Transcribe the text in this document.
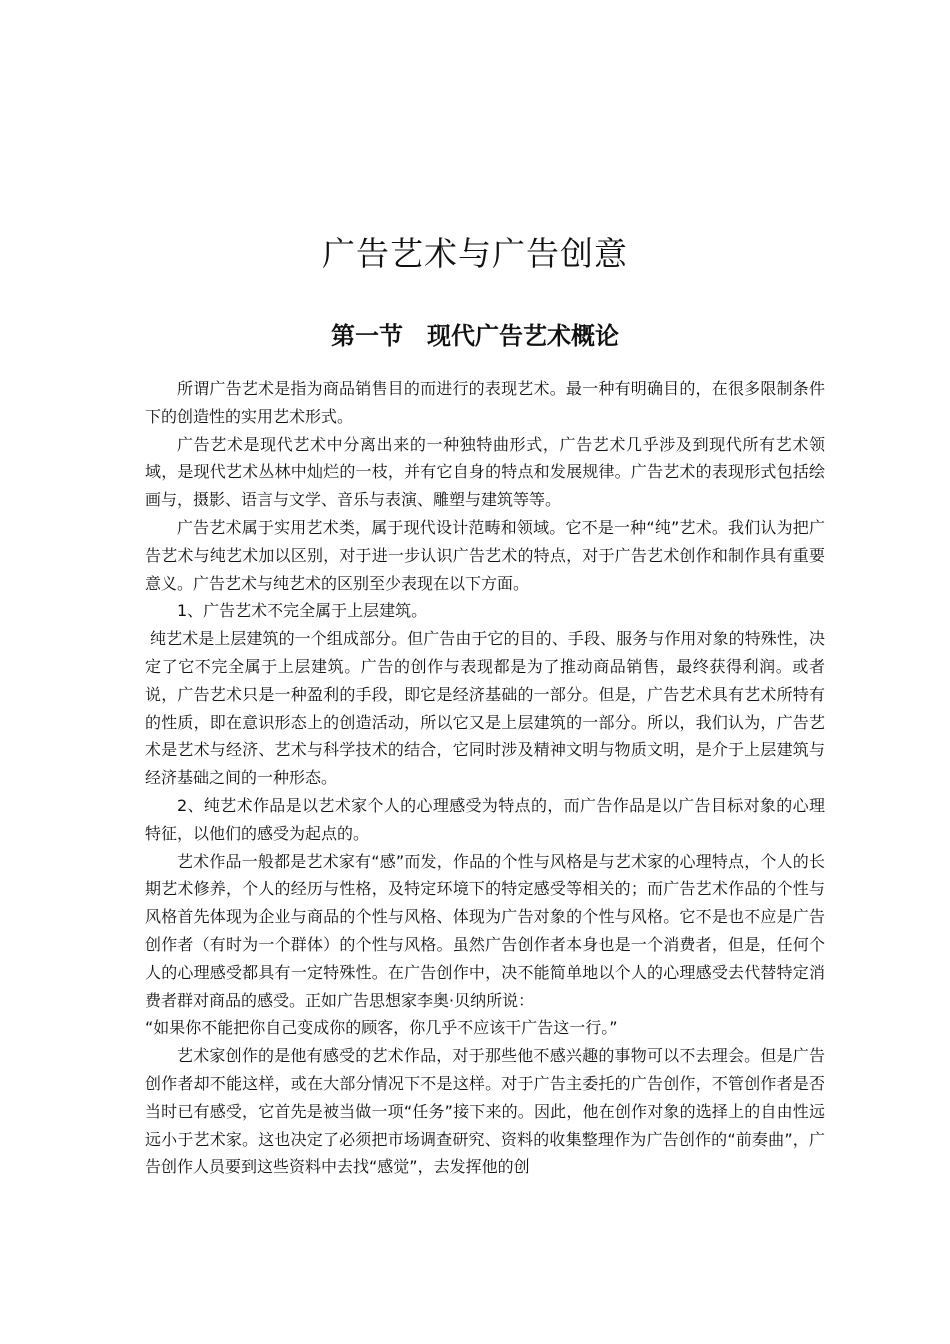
广告艺术与广告创意
第一节　现代广告艺术概论

所谓广告艺术是指为商品销售目的而进行的表现艺术。最一种有明确目的，在很多限制条件下的创造性的实用艺术形式。

广告艺术是现代艺术中分离出来的一种独特曲形式，广告艺术几乎涉及到现代所有艺术领域，是现代艺术丛林中灿烂的一枝，并有它自身的特点和发展规律。广告艺术的表现形式包括绘画与，摄影、语言与文学、音乐与表演、雕塑与建筑等等。

广告艺术属于实用艺术类，属于现代设计范畴和领域。它不是一种“纯”艺术。我们认为把广告艺术与纯艺术加以区别，对于进一步认识广告艺术的特点，对于广告艺术创作和制作具有重要意义。广告艺术与纯艺术的区别至少表现在以下方面。

1、广告艺术不完全属于上层建筑。

纯艺术是上层建筑的一个组成部分。但广告由于它的目的、手段、服务与作用对象的特殊性，决定了它不完全属于上层建筑。广告的创作与表现都是为了推动商品销售，最终获得利润。或者说，广告艺术只是一种盈利的手段，即它是经济基础的一部分。但是，广告艺术具有艺术所特有的性质，即在意识形态上的创造活动，所以它又是上层建筑的一部分。所以，我们认为，广告艺术是艺术与经济、艺术与科学技术的结合，它同时涉及精神文明与物质文明，是介于上层建筑与经济基础之间的一种形态。

2、纯艺术作品是以艺术家个人的心理感受为特点的，而广告作品是以广告目标对象的心理特征，以他们的感受为起点的。

艺术作品一般都是艺术家有“感”而发，作品的个性与风格是与艺术家的心理特点，个人的长期艺术修养，个人的经历与性格，及特定环境下的特定感受等相关的；而广告艺术作品的个性与风格首先体现为企业与商品的个性与风格、体现为广告对象的个性与风格。它不是也不应是广告创作者（有时为一个群体）的个性与风格。虽然广告创作者本身也是一个消费者，但是，任何个人的心理感受都具有一定特殊性。在广告创作中，决不能简单地以个人的心理感受去代替特定消费者群对商品的感受。正如广告思想家李奥·贝纳所说：

“如果你不能把你自己变成你的顾客，你几乎不应该干广告这一行。”

艺术家创作的是他有感受的艺术作品，对于那些他不感兴趣的事物可以不去理会。但是广告创作者却不能这样，或在大部分情况下不是这样。对于广告主委托的广告创作，不管创作者是否当时已有感受，它首先是被当做一项“任务”接下来的。因此，他在创作对象的选择上的自由性远远小于艺术家。这也决定了必须把市场调查研究、资料的收集整理作为广告创作的“前奏曲”，广告创作人员要到这些资料中去找“感觉”，去发挥他的创
